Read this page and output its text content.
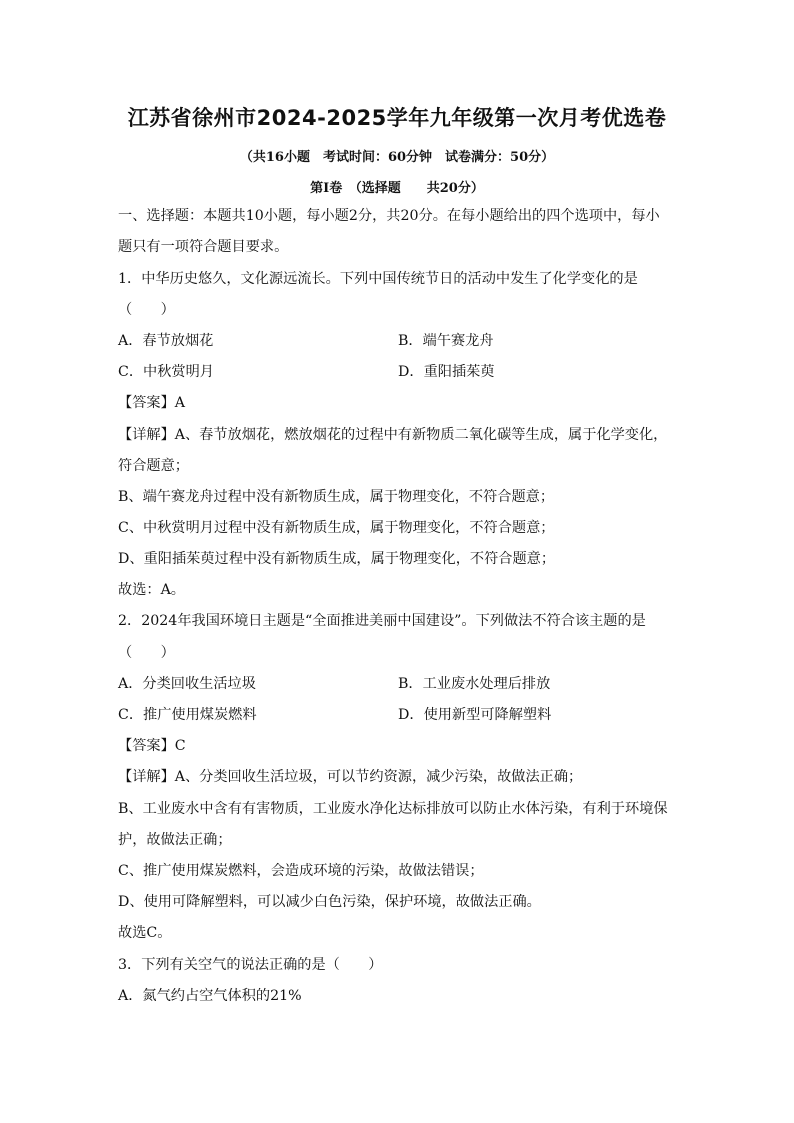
江苏省徐州市2024-2025学年九年级第一次月考优选卷
（共16小题　考试时间：60分钟　试卷满分：50分）
第Ⅰ卷　（选择题　　共20分）
一、选择题：本题共10小题，每小题2分，共20分。在每小题给出的四个选项中，每小
题只有一项符合题目要求。
1．中华历史悠久，文化源远流长。下列中国传统节日的活动中发生了化学变化的是
（　　）
A．春节放烟花	B．端午赛龙舟
C．中秋赏明月	D．重阳插茱萸
【答案】A
【详解】A、春节放烟花，燃放烟花的过程中有新物质二氧化碳等生成，属于化学变化，
符合题意；
B、端午赛龙舟过程中没有新物质生成，属于物理变化，不符合题意；
C、中秋赏明月过程中没有新物质生成，属于物理变化，不符合题意；
D、重阳插茱萸过程中没有新物质生成，属于物理变化，不符合题意；
故选：A。
2．2024年我国环境日主题是“全面推进美丽中国建设”。下列做法不符合该主题的是
（　　）
A．分类回收生活垃圾	B．工业废水处理后排放
C．推广使用煤炭燃料	D．使用新型可降解塑料
【答案】C
【详解】A、分类回收生活垃圾，可以节约资源，减少污染，故做法正确；
B、工业废水中含有有害物质，工业废水净化达标排放可以防止水体污染，有利于环境保
护，故做法正确；
C、推广使用煤炭燃料，会造成环境的污染，故做法错误；
D、使用可降解塑料，可以减少白色污染，保护环境，故做法正确。
故选C。
3．下列有关空气的说法正确的是（　　）
A．氮气约占空气体积的21%
